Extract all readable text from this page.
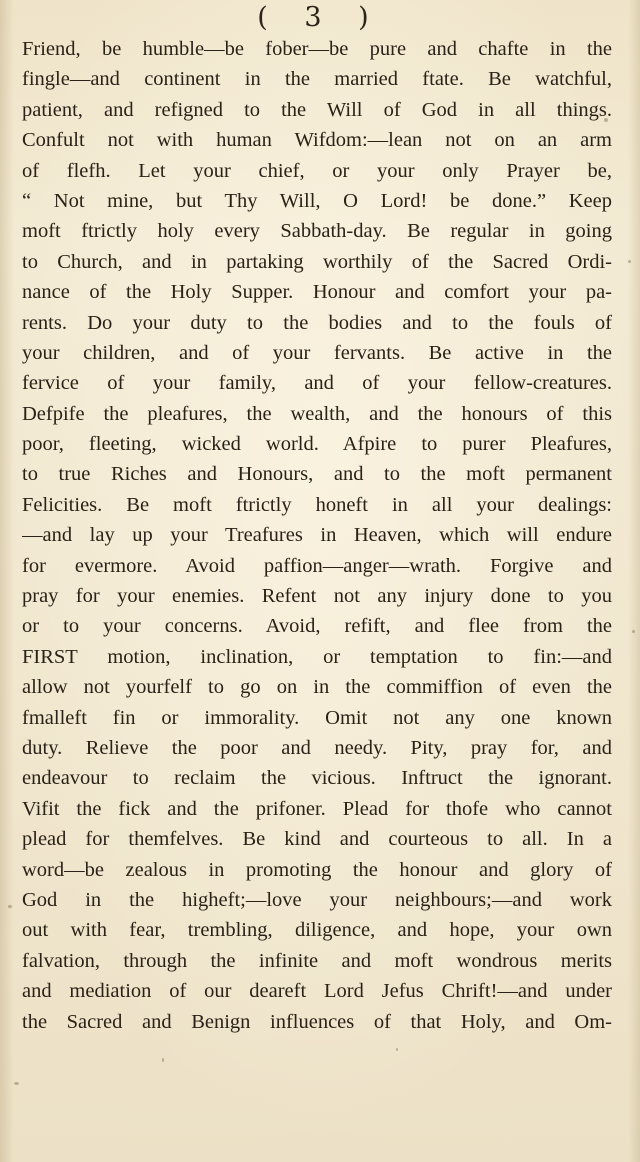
( 3 )
Friend, be humble—be fober—be pure and chafte in the
fingle—and continent in the married ftate. Be watchful,
patient, and refigned to the Will of God in all things.
Confult not with human Wifdom:—lean not on an arm
of flefh. Let your chief, or your only Prayer be,
“ Not mine, but Thy Will, O Lord! be done.” Keep
moft ftrictly holy every Sabbath-day. Be regular in going
to Church, and in partaking worthily of the Sacred Ordi-
nance of the Holy Supper. Honour and comfort your pa-
rents. Do your duty to the bodies and to the fouls of
your children, and of your fervants. Be active in the
fervice of your family, and of your fellow-creatures.
Defpife the pleafures, the wealth, and the honours of this
poor, fleeting, wicked world. Afpire to purer Pleafures,
to true Riches and Honours, and to the moft permanent
Felicities. Be moft ftrictly honeft in all your dealings:
—and lay up your Treafures in Heaven, which will endure
for evermore. Avoid paffion—anger—wrath. Forgive and
pray for your enemies. Refent not any injury done to you
or to your concerns. Avoid, refift, and flee from the
FIRST motion, inclination, or temptation to fin:—and
allow not yourfelf to go on in the commiffion of even the
fmalleft fin or immorality. Omit not any one known
duty. Relieve the poor and needy. Pity, pray for, and
endeavour to reclaim the vicious. Inftruct the ignorant.
Vifit the fick and the prifoner. Plead for thofe who cannot
plead for themfelves. Be kind and courteous to all. In a
word—be zealous in promoting the honour and glory of
God in the higheft;—love your neighbours;—and work
out with fear, trembling, diligence, and hope, your own
falvation, through the infinite and moft wondrous merits
and mediation of our deareft Lord Jefus Chrift!—and under
the Sacred and Benign influences of that Holy, and Om-
